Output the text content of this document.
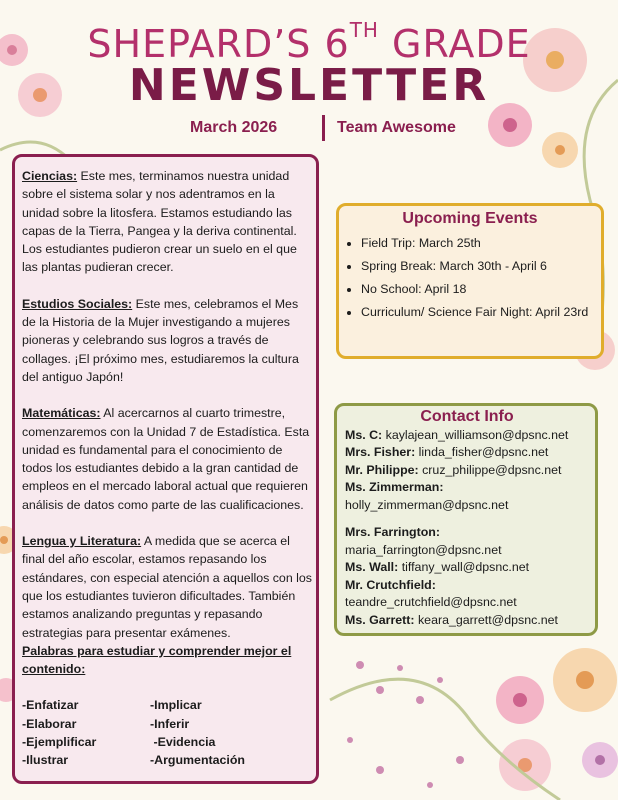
SHEPARD’S 6TH GRADE
NEWSLETTER
March 2026	Team Awesome

Ciencias: Este mes, terminamos nuestra unidad sobre el sistema solar y nos adentramos en la unidad sobre la litosfera. Estamos estudiando las capas de la Tierra, Pangea y la deriva continental. Los estudiantes pudieron crear un suelo en el que las plantas pudieran crecer.

Estudios Sociales: Este mes, celebramos el Mes de la Historia de la Mujer investigando a mujeres pioneras y celebrando sus logros a través de collages. ¡El próximo mes, estudiaremos la cultura del antiguo Japón!

Matemáticas: Al acercarnos al cuarto trimestre, comenzaremos con la Unidad 7 de Estadística. Esta unidad es fundamental para el conocimiento de todos los estudiantes debido a la gran cantidad de empleos en el mercado laboral actual que requieren análisis de datos como parte de las cualificaciones.

Lengua y Literatura: A medida que se acerca el final del año escolar, estamos repasando los estándares, con especial atención a aquellos con los que los estudiantes tuvieron dificultades. También estamos analizando preguntas y repasando estrategias para presentar exámenes.

Palabras para estudiar y comprender mejor el contenido:

-Enfatizar	-Implicar
-Elaborar	-Inferir
-Ejemplificar	-Evidencia
-Ilustrar	-Argumentación
Upcoming Events
• Field Trip: March 25th
• Spring Break: March 30th - April 6
• No School: April 18
• Curriculum/ Science Fair Night: April 23rd
Contact Info
Ms. C: kaylajean_williamson@dpsnc.net
Mrs. Fisher: linda_fisher@dpsnc.net
Mr. Philippe: cruz_philippe@dpsnc.net
Ms. Zimmerman:
holly_zimmerman@dpsnc.net
Mrs. Farrington:
maria_farrington@dpsnc.net
Ms. Wall: tiffany_wall@dpsnc.net
Mr. Crutchfield:
teandre_crutchfield@dpsnc.net
Ms. Garrett: keara_garrett@dpsnc.net
